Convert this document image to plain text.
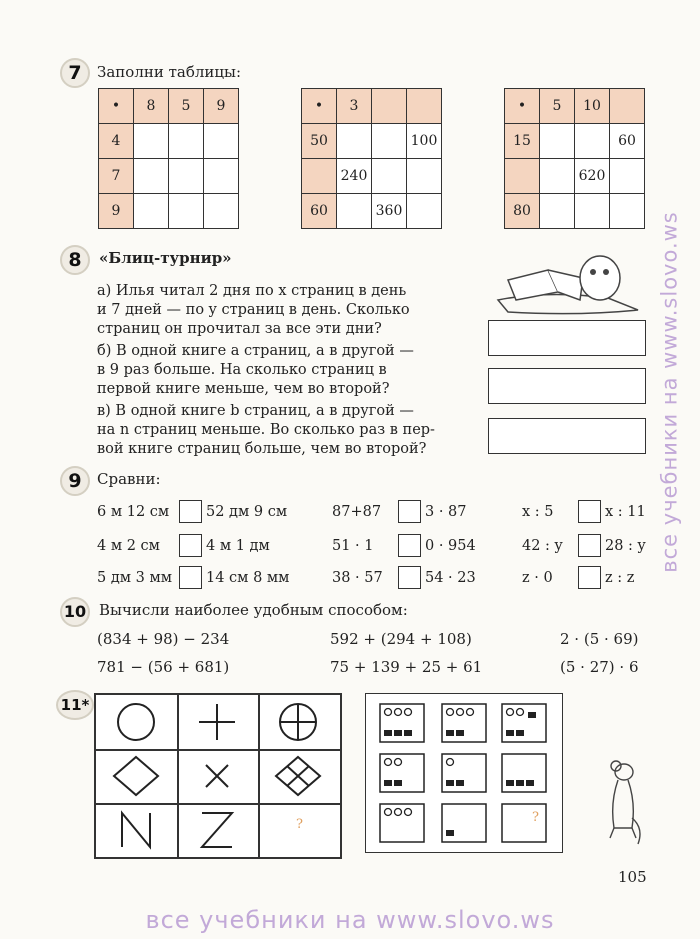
все учебники на www.slovo.ws
все учебники на www.slovo.ws
7	Заполни таблицы:
•	8	5	9
4			
7			
9			
•	3		
50			100
	240		
60		360	
•	5	10	
15			60
		620	
80			
8	«Блиц-турнир»
а) Илья читал 2 дня по x страниц в день
и 7 дней — по y страниц в день. Сколько
страниц он прочитал за все эти дни?
б) В одной книге a страниц, а в другой —
в 9 раз больше. На сколько страниц в
первой книге меньше, чем во второй?
в) В одной книге b страниц, а в другой —
на n страниц меньше. Во сколько раз в пер-
вой книге страниц больше, чем во второй?
9	Сравни:
6 м 12 см	52 дм 9 см	87+87	3 · 87	x : 5	x : 11
4 м 2 см	4 м 1 дм	51 · 1	0 · 954	42 : y	28 : y
5 дм 3 мм 14 см 8 мм	38 · 57	54 · 23	z · 0	z : z
10 Вычисли наиболее удобным способом:
(834 + 98) − 234	592 + (294 + 108)	2 · (5 · 69)
781 − (56 + 681)	75 + 139 + 25 + 61	(5 · 27) · 6
11*
?	?
105
